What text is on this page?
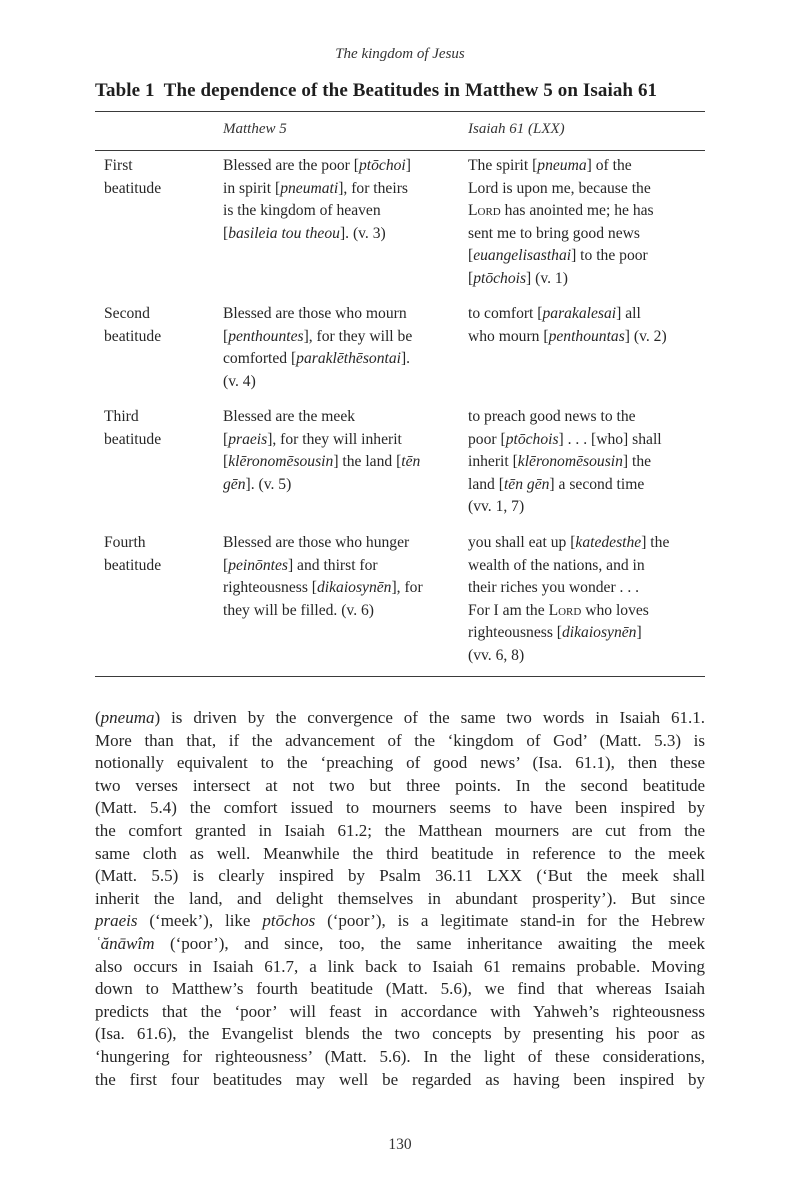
The kingdom of Jesus
Table 1 The dependence of the Beatitudes in Matthew 5 on Isaiah 61
Matthew 5	Isaiah 61 (LXX)
First
beatitude
Blessed are the poor [ptōchoi]
in spirit [pneumati], for theirs
is the kingdom of heaven
[basileia tou theou]. (v. 3)
The spirit [pneuma] of the
Lord is upon me, because the
Lord has anointed me; he has
sent me to bring good news
[euangelisasthai] to the poor
[ptōchois] (v. 1)
Second
beatitude
Blessed are those who mourn
[penthountes], for they will be
comforted [paraklēthēsontai].
(v. 4)
to comfort [parakalesai] all
who mourn [penthountas] (v. 2)
Third
beatitude
Blessed are the meek
[praeis], for they will inherit
[klēronomēsousin] the land [tēn
gēn]. (v. 5)
to preach good news to the
poor [ptōchois] . . . [who] shall
inherit [klēronomēsousin] the
land [tēn gēn] a second time
(vv. 1, 7)
Fourth
beatitude
Blessed are those who hunger
[peinōntes] and thirst for
righteousness [dikaiosynēn], for
they will be filled. (v. 6)
you shall eat up [katedesthe] the
wealth of the nations, and in
their riches you wonder . . .
For I am the Lord who loves
righteousness [dikaiosynēn]
(vv. 6, 8)
(pneuma) is driven by the convergence of the same two words in Isaiah 61.1.
More than that, if the advancement of the ‘kingdom of God’ (Matt. 5.3) is
notionally equivalent to the ‘preaching of good news’ (Isa. 61.1), then these
two verses intersect at not two but three points. In the second beatitude
(Matt. 5.4) the comfort issued to mourners seems to have been inspired by
the comfort granted in Isaiah 61.2; the Matthean mourners are cut from the
same cloth as well. Meanwhile the third beatitude in reference to the meek
(Matt. 5.5) is clearly inspired by Psalm 36.11 LXX (‘But the meek shall
inherit the land, and delight themselves in abundant prosperity’). But since
praeis (‘meek’), like ptōchos (‘poor’), is a legitimate stand-in for the Hebrew
ʿănāwîm (‘poor’), and since, too, the same inheritance awaiting the meek
also occurs in Isaiah 61.7, a link back to Isaiah 61 remains probable. Moving
down to Matthew’s fourth beatitude (Matt. 5.6), we find that whereas Isaiah
predicts that the ‘poor’ will feast in accordance with Yahweh’s righteousness
(Isa. 61.6), the Evangelist blends the two concepts by presenting his poor as
‘hungering for righteousness’ (Matt. 5.6). In the light of these considerations,
the first four beatitudes may well be regarded as having been inspired by
130
